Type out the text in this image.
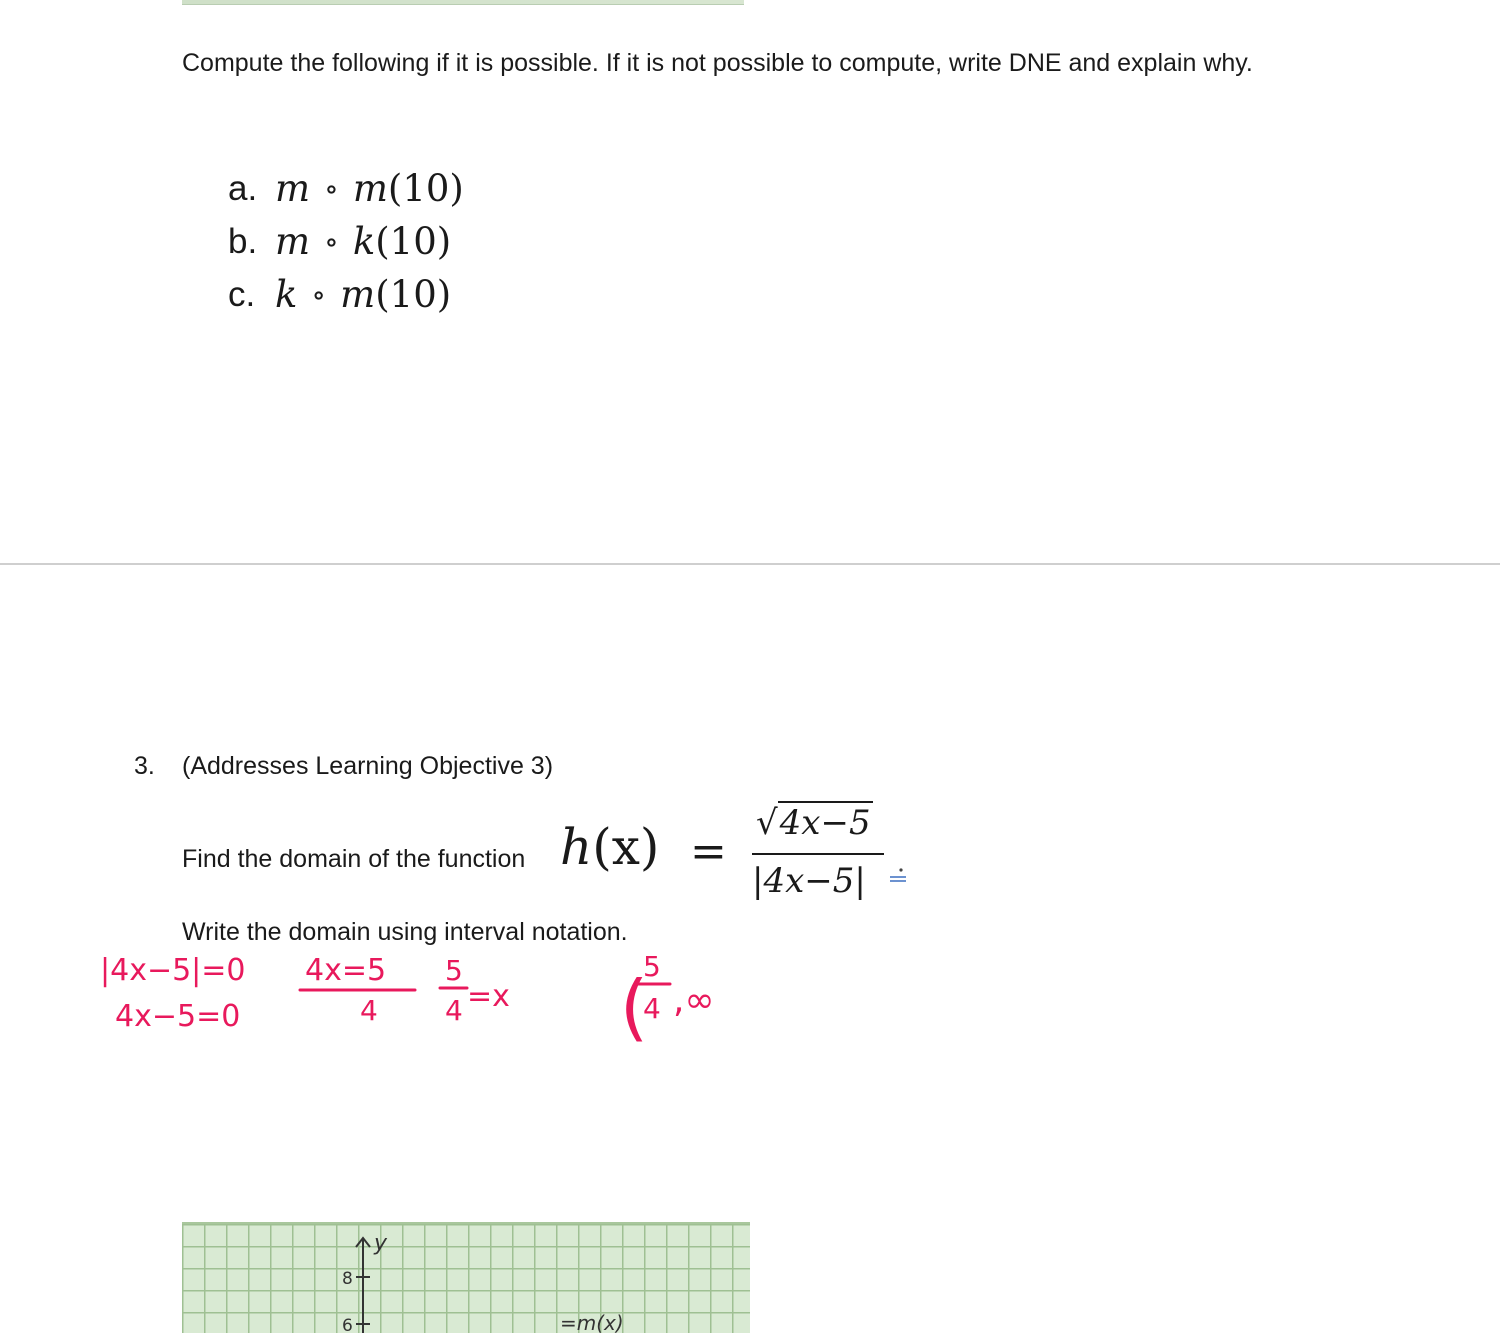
Compute the following if it is possible. If it is not possible to compute, write DNE and explain why.
a. m ∘ m(10)
b. m ∘ k(10)
c. k ∘ m(10)
3. (Addresses Learning Objective 3)
Find the domain of the function h(x) =
√4x−5
|4x−5|
Write the domain using interval notation.
|4x−5|=0
4x−5=0
4x=5
4
5
4 =x (
5
4 ,∞
y
8
6	=m(x)
